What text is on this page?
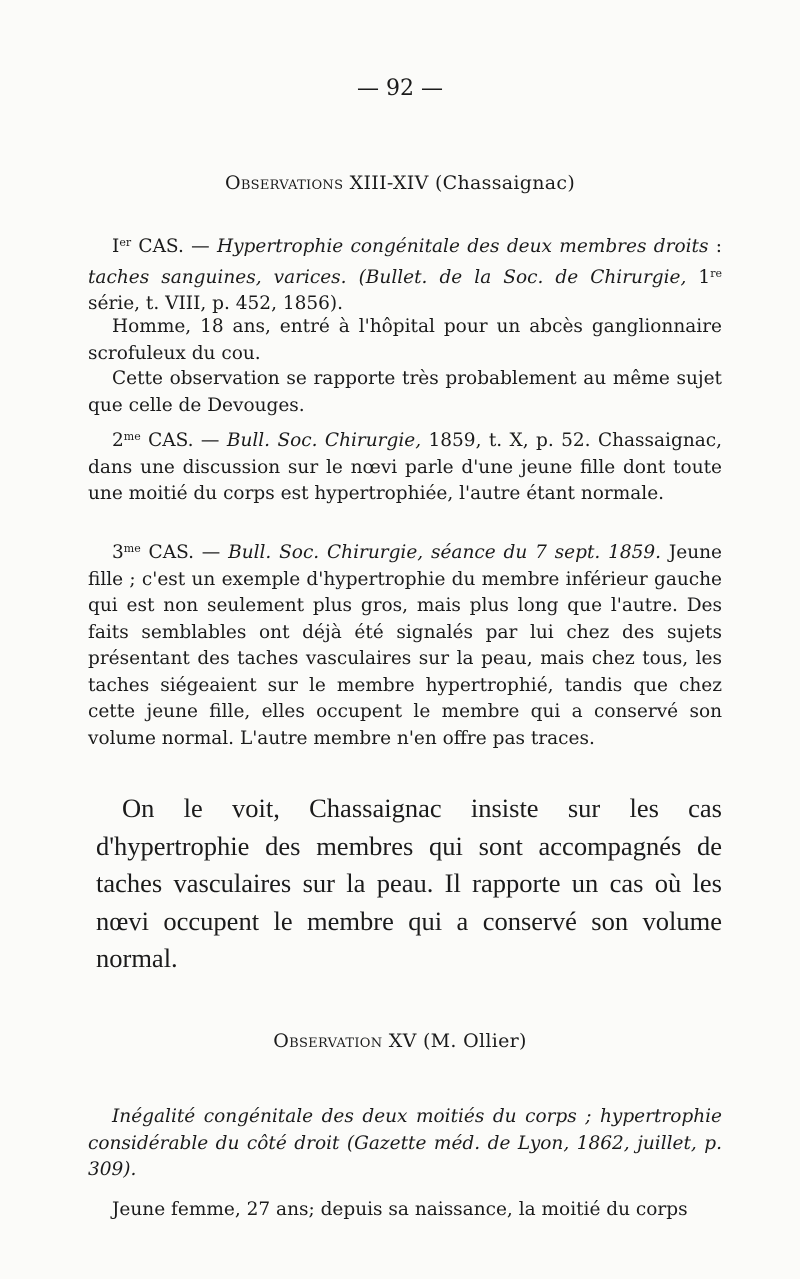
— 92 —
Observations XIII-XIV (Chassaignac)

Ier CAS. — Hypertrophie congénitale des deux membres droits : taches sanguines, varices. (Bullet. de la Soc. de Chirurgie, 1re série, t. VIII, p. 452, 1856).

Homme, 18 ans, entré à l'hôpital pour un abcès ganglionnaire scrofuleux du cou.

Cette observation se rapporte très probablement au même sujet que celle de Devouges.

$2^{me}$ CAS. — Bull. Soc. Chirurgie, 1859, t. X, p. 52. Chassaignac, dans une discussion sur le nœvi parle d'une jeune fille dont toute une moitié du corps est hypertrophiée, l'autre étant normale.

$3^{me}$ CAS. — Bull. Soc. Chirurgie, séance du 7 sept. 1859. Jeune fille ; c'est un exemple d'hypertrophie du membre inférieur gauche qui est non seulement plus gros, mais plus long que l'autre. Des faits semblables ont déjà été signalés par lui chez des sujets présentant des taches vasculaires sur la peau, mais chez tous, les taches siégeaient sur le membre hypertrophié, tandis que chez cette jeune fille, elles occupent le membre qui a conservé son volume normal. L'autre membre n'en offre pas traces.

On le voit, Chassaignac insiste sur les cas d'hypertrophie des membres qui sont accompagnés de taches vasculaires sur la peau. Il rapporte un cas où les nœvi occupent le membre qui a conservé son volume normal.

Observation XV (M. Ollier)

Inégalité congénitale des deux moitiés du corps ; hypertrophie considérable du côté droit (Gazette méd. de Lyon, 1862, juillet, p. 309).

Jeune femme, 27 ans; depuis sa naissance, la moitié du corps
